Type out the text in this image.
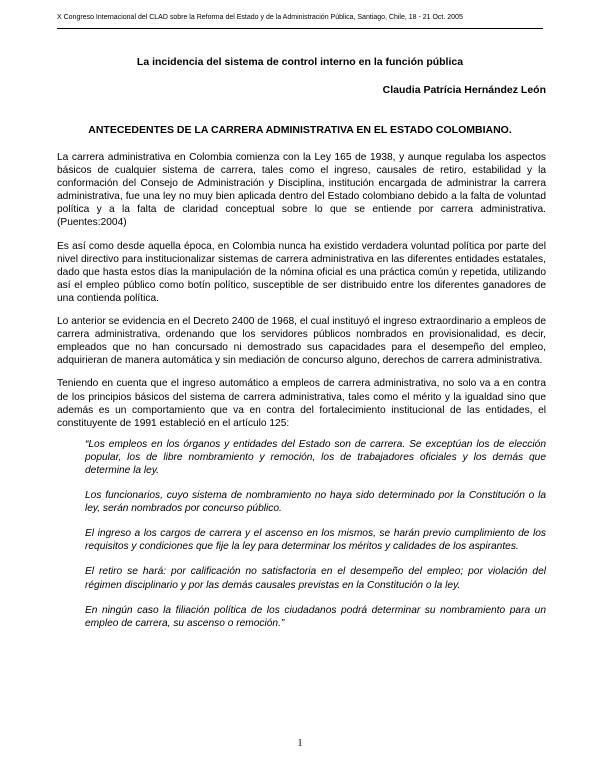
X Congreso Internacional del CLAD sobre la Reforma del Estado y de la Administración Pública, Santiago, Chile, 18 - 21 Oct. 2005
La incidencia del sistema de control interno en la función pública
Claudia Patrícia Hernández León
ANTECEDENTES DE LA CARRERA ADMINISTRATIVA EN EL ESTADO COLOMBIANO.

La carrera administrativa en Colombia comienza con la Ley 165 de 1938, y aunque regulaba los aspectos básicos de cualquier sistema de carrera, tales como el ingreso, causales de retiro, estabilidad y la conformación del Consejo de Administración y Disciplina, institución encargada de administrar la carrera administrativa, fue una ley no muy bien aplicada dentro del Estado colombiano debido a la falta de voluntad política y a la falta de claridad conceptual sobre lo que se entiende por carrera administrativa. (Puentes:2004)

Es así como desde aquella época, en Colombia nunca ha existido verdadera voluntad política por parte del nivel directivo para institucionalizar sistemas de carrera administrativa en las diferentes entidades estatales, dado que hasta estos días la manipulación de la nómina oficial es una práctica común y repetida, utilizando así el empleo público como botín político, susceptible de ser distribuido entre los diferentes ganadores de una contienda política.

Lo anterior se evidencia en el Decreto 2400 de 1968, el cual instituyó el ingreso extraordinario a empleos de carrera administrativa, ordenando que los servidores públicos nombrados en provisionalidad, es decir, empleados que no han concursado ni demostrado sus capacidades para el desempeño del empleo, adquirieran de manera automática y sin mediación de concurso alguno, derechos de carrera administrativa.

Teniendo en cuenta que el ingreso automático a empleos de carrera administrativa, no solo va a en contra de los principios básicos del sistema de carrera administrativa, tales como el mérito y la igualdad sino que además es un comportamiento que va en contra del fortalecimiento institucional de las entidades, el constituyente de 1991 estableció en el artículo 125:

“Los empleos en los órganos y entidades del Estado son de carrera. Se exceptúan los de elección popular, los de libre nombramiento y remoción, los de trabajadores oficiales y los demás que determine la ley.

Los funcionarios, cuyo sistema de nombramiento no haya sido determinado por la Constitución o la ley, serán nombrados por concurso público.

El ingreso a los cargos de carrera y el ascenso en los mismos, se harán previo cumplimiento de los requisitos y condiciones que fije la ley para determinar los méritos y calidades de los aspirantes.

El retiro se hará: por calificación no satisfactoria en el desempeño del empleo; por violación del régimen disciplinario y por las demás causales previstas en la Constitución o la ley.

En ningún caso la filiación política de los ciudadanos podrá determinar su nombramiento para un empleo de carrera, su ascenso o remoción.”

1
